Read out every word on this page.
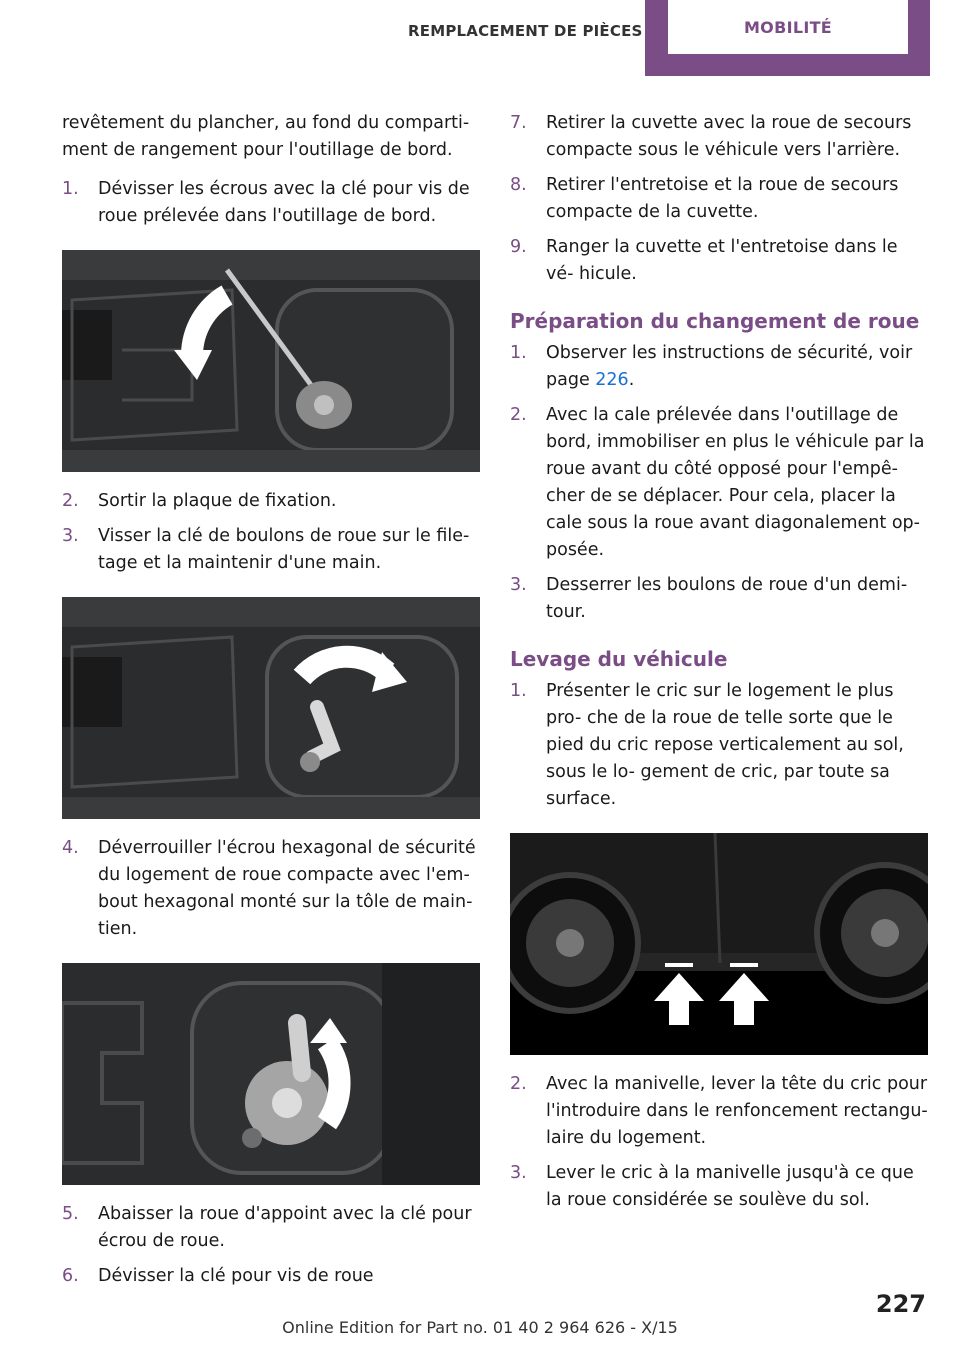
REMPLACEMENT DE PIÈCES	MOBILITÉ

revêtement du plancher, au fond du comparti- ment de rangement pour l'outillage de bord.

1.	Dévisser les écrous avec la clé pour vis de roue prélevée dans l'outillage de bord.
2.	Sortir la plaque de fixation.
3.	Visser la clé de boulons de roue sur le file- tage et la maintenir d'une main.
4.	Déverrouiller l'écrou hexagonal de sécurité du logement de roue compacte avec l'em- bout hexagonal monté sur la tôle de main- tien.
5.	Abaisser la roue d'appoint avec la clé pour écrou de roue.
6.	Dévisser la clé pour vis de roue
7.	Retirer la cuvette avec la roue de secours compacte sous le véhicule vers l'arrière.
8.	Retirer l'entretoise et la roue de secours compacte de la cuvette.
9.	Ranger la cuvette et l'entretoise dans le vé- hicule.
Préparation du changement de roue
1.	Observer les instructions de sécurité, voir page 226.
2.	Avec la cale prélevée dans l'outillage de bord, immobiliser en plus le véhicule par la roue avant du côté opposé pour l'empê- cher de se déplacer. Pour cela, placer la cale sous la roue avant diagonalement op- posée.
3.	Desserrer les boulons de roue d'un demi- tour.
Levage du véhicule
1.	Présenter le cric sur le logement le plus pro- che de la roue de telle sorte que le pied du cric repose verticalement au sol, sous le lo- gement de cric, par toute sa surface.
2.	Avec la manivelle, lever la tête du cric pour l'introduire dans le renfoncement rectangu- laire du logement.
3.	Lever le cric à la manivelle jusqu'à ce que la roue considérée se soulève du sol.
227
Online Edition for Part no. 01 40 2 964 626 - X/15
